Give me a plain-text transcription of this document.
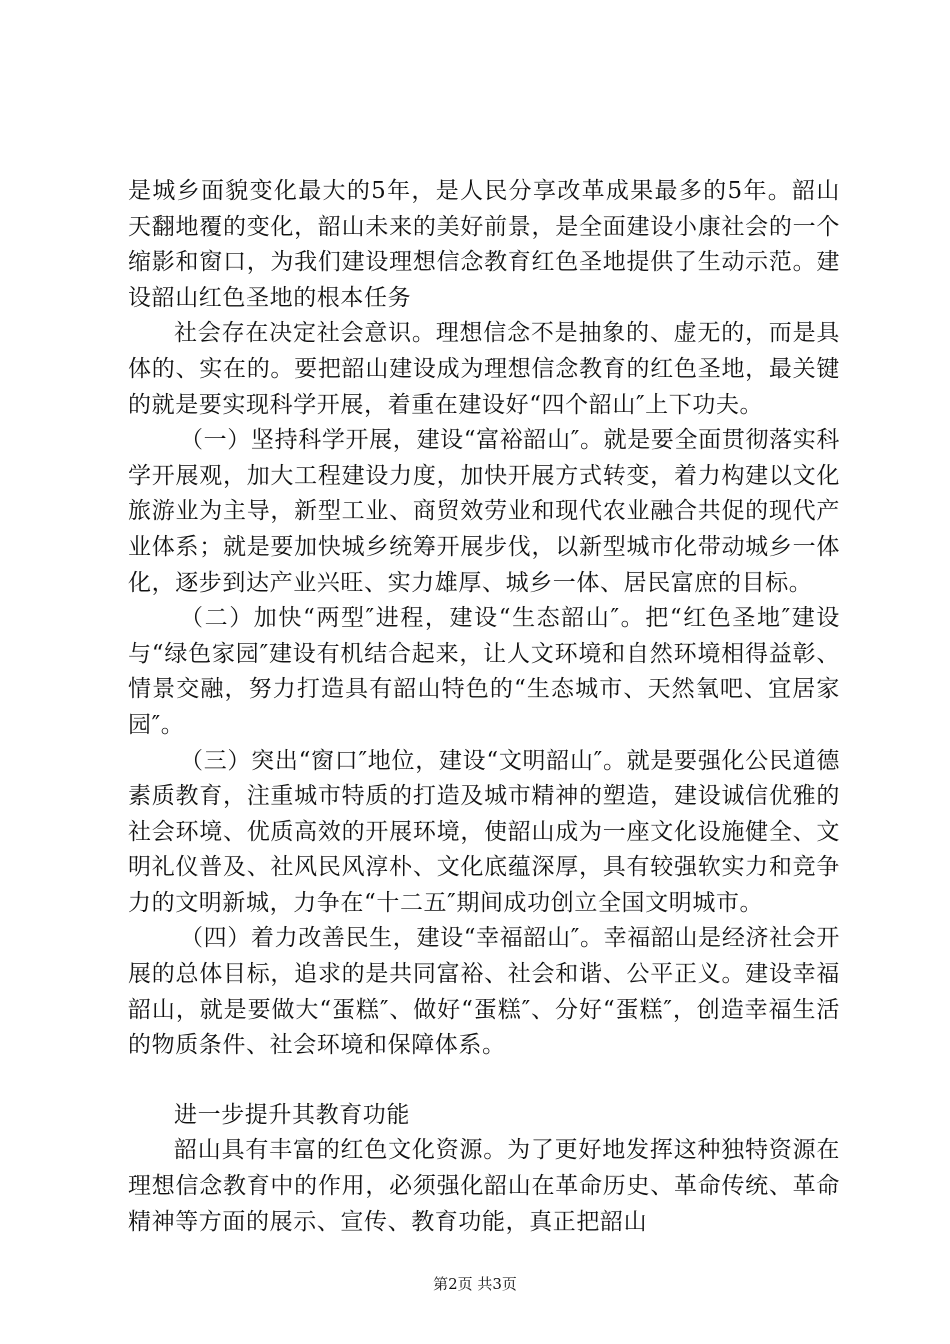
是城乡面貌变化最大的5年，是人民分享改革成果最多的5年。韶山天翻地覆的变化，韶山未来的美好前景，是全面建设小康社会的一个缩影和窗口，为我们建设理想信念教育红色圣地提供了生动示范。建设韶山红色圣地的根本任务

社会存在决定社会意识。理想信念不是抽象的、虚无的，而是具体的、实在的。要把韶山建设成为理想信念教育的红色圣地，最关键的就是要实现科学开展，着重在建设好“四个韶山″上下功夫。

（一）坚持科学开展，建设“富裕韶山″。就是要全面贯彻落实科学开展观，加大工程建设力度，加快开展方式转变，着力构建以文化旅游业为主导，新型工业、商贸效劳业和现代农业融合共促的现代产业体系；就是要加快城乡统筹开展步伐，以新型城市化带动城乡一体化，逐步到达产业兴旺、实力雄厚、城乡一体、居民富庶的目标。

（二）加快“两型″进程，建设“生态韶山″。把“红色圣地″建设与“绿色家园″建设有机结合起来，让人文环境和自然环境相得益彰、情景交融，努力打造具有韶山特色的“生态城市、天然氧吧、宜居家园″。

（三）突出“窗口″地位，建设“文明韶山″。就是要强化公民道德素质教育，注重城市特质的打造及城市精神的塑造，建设诚信优雅的社会环境、优质高效的开展环境，使韶山成为一座文化设施健全、文明礼仪普及、社风民风淳朴、文化底蕴深厚，具有较强软实力和竞争力的文明新城，力争在“十二五″期间成功创立全国文明城市。

（四）着力改善民生，建设“幸福韶山″。幸福韶山是经济社会开展的总体目标，追求的是共同富裕、社会和谐、公平正义。建设幸福韶山，就是要做大“蛋糕″、做好“蛋糕″、分好“蛋糕″，创造幸福生活的物质条件、社会环境和保障体系。

进一步提升其教育功能

韶山具有丰富的红色文化资源。为了更好地发挥这种独特资源在理想信念教育中的作用，必须强化韶山在革命历史、革命传统、革命精神等方面的展示、宣传、教育功能，真正把韶山

第2页 共3页
